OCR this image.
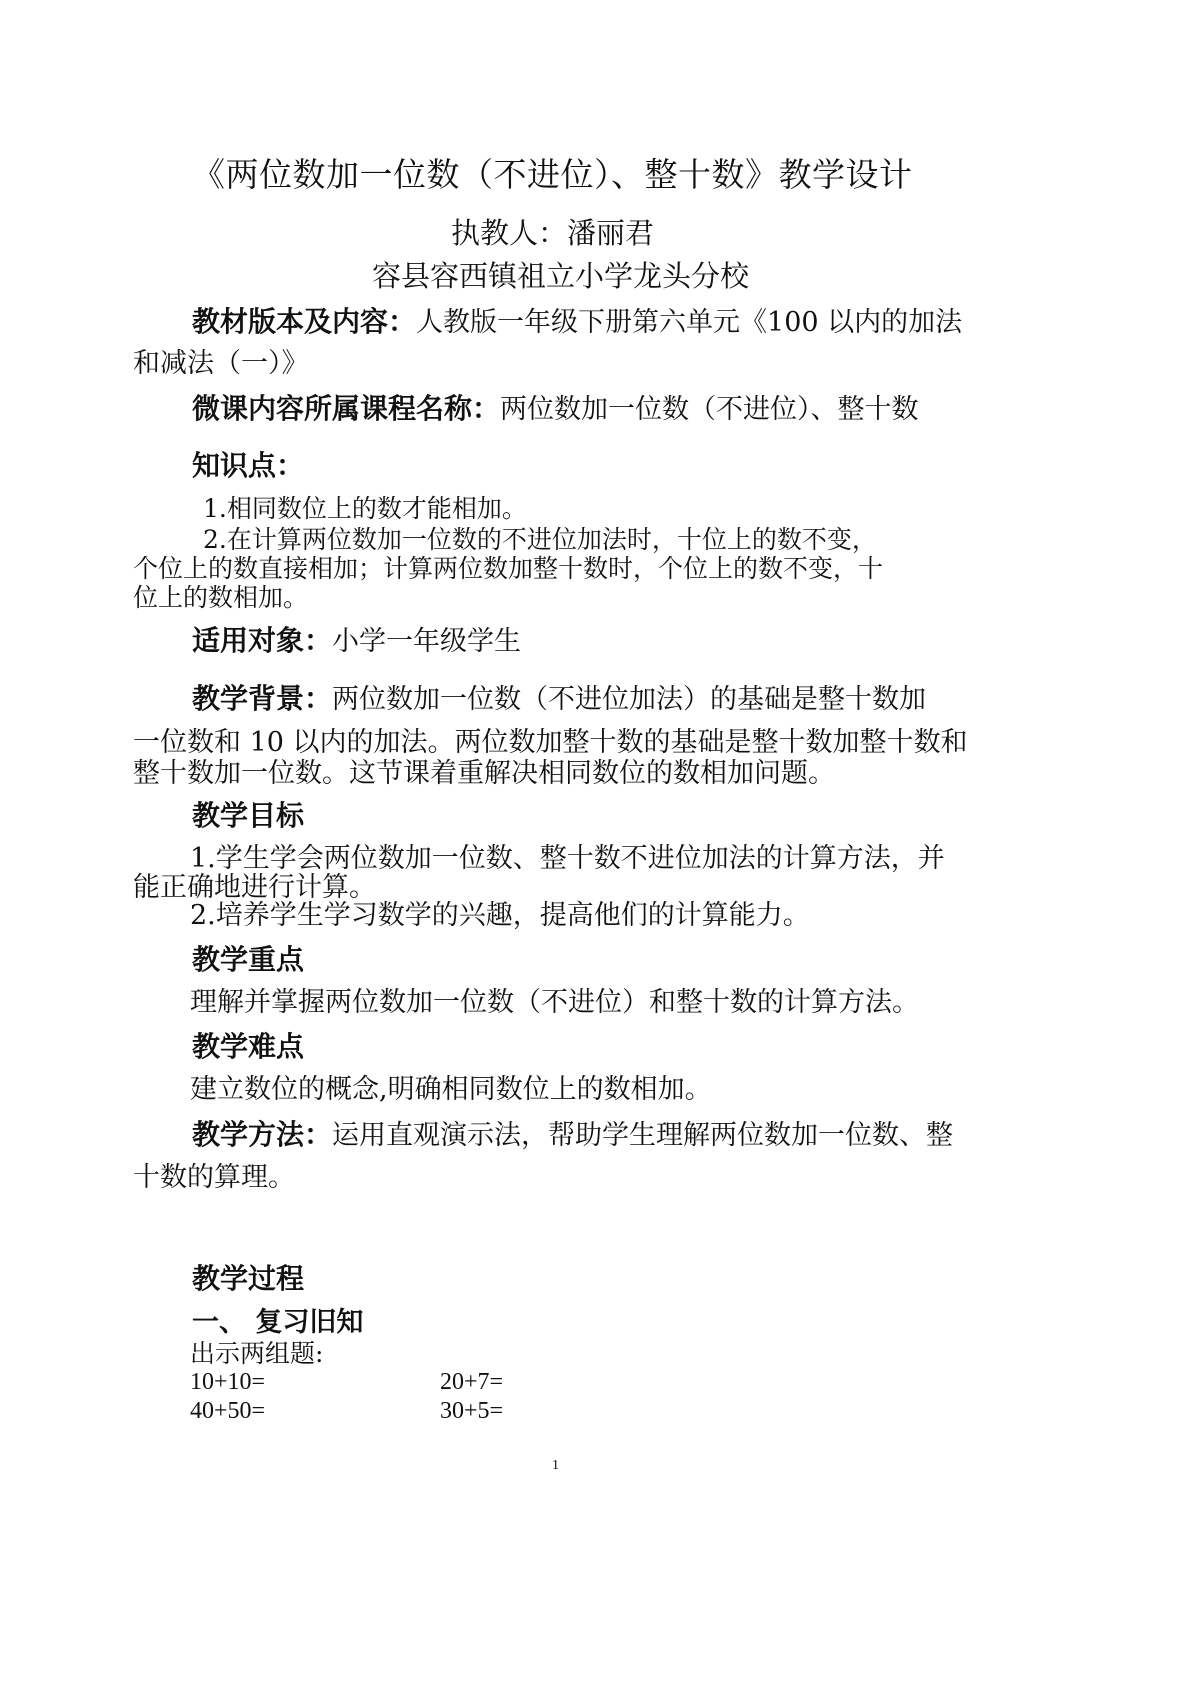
《两位数加一位数（不进位）、整十数》教学设计
执教人：潘丽君
容县容西镇祖立小学龙头分校
教材版本及内容：人教版一年级下册第六单元《100 以内的加法
和减法（一）》
微课内容所属课程名称：两位数加一位数（不进位）、整十数
知识点：
1.相同数位上的数才能相加。
2.在计算两位数加一位数的不进位加法时，十位上的数不变，
个位上的数直接相加；计算两位数加整十数时，个位上的数不变，十
位上的数相加。
适用对象：小学一年级学生
教学背景：两位数加一位数（不进位加法）的基础是整十数加
一位数和 10 以内的加法。两位数加整十数的基础是整十数加整十数和
整十数加一位数。这节课着重解决相同数位的数相加问题。
教学目标
1.学生学会两位数加一位数、整十数不进位加法的计算方法，并
能正确地进行计算。
2.培养学生学习数学的兴趣，提高他们的计算能力。
教学重点
理解并掌握两位数加一位数（不进位）和整十数的计算方法。
教学难点
建立数位的概念,明确相同数位上的数相加。
教学方法：运用直观演示法，帮助学生理解两位数加一位数、整
十数的算理。
教学过程
一、 复习旧知
出示两组题:
10+10=	20+7=
40+50=	30+5=
1
